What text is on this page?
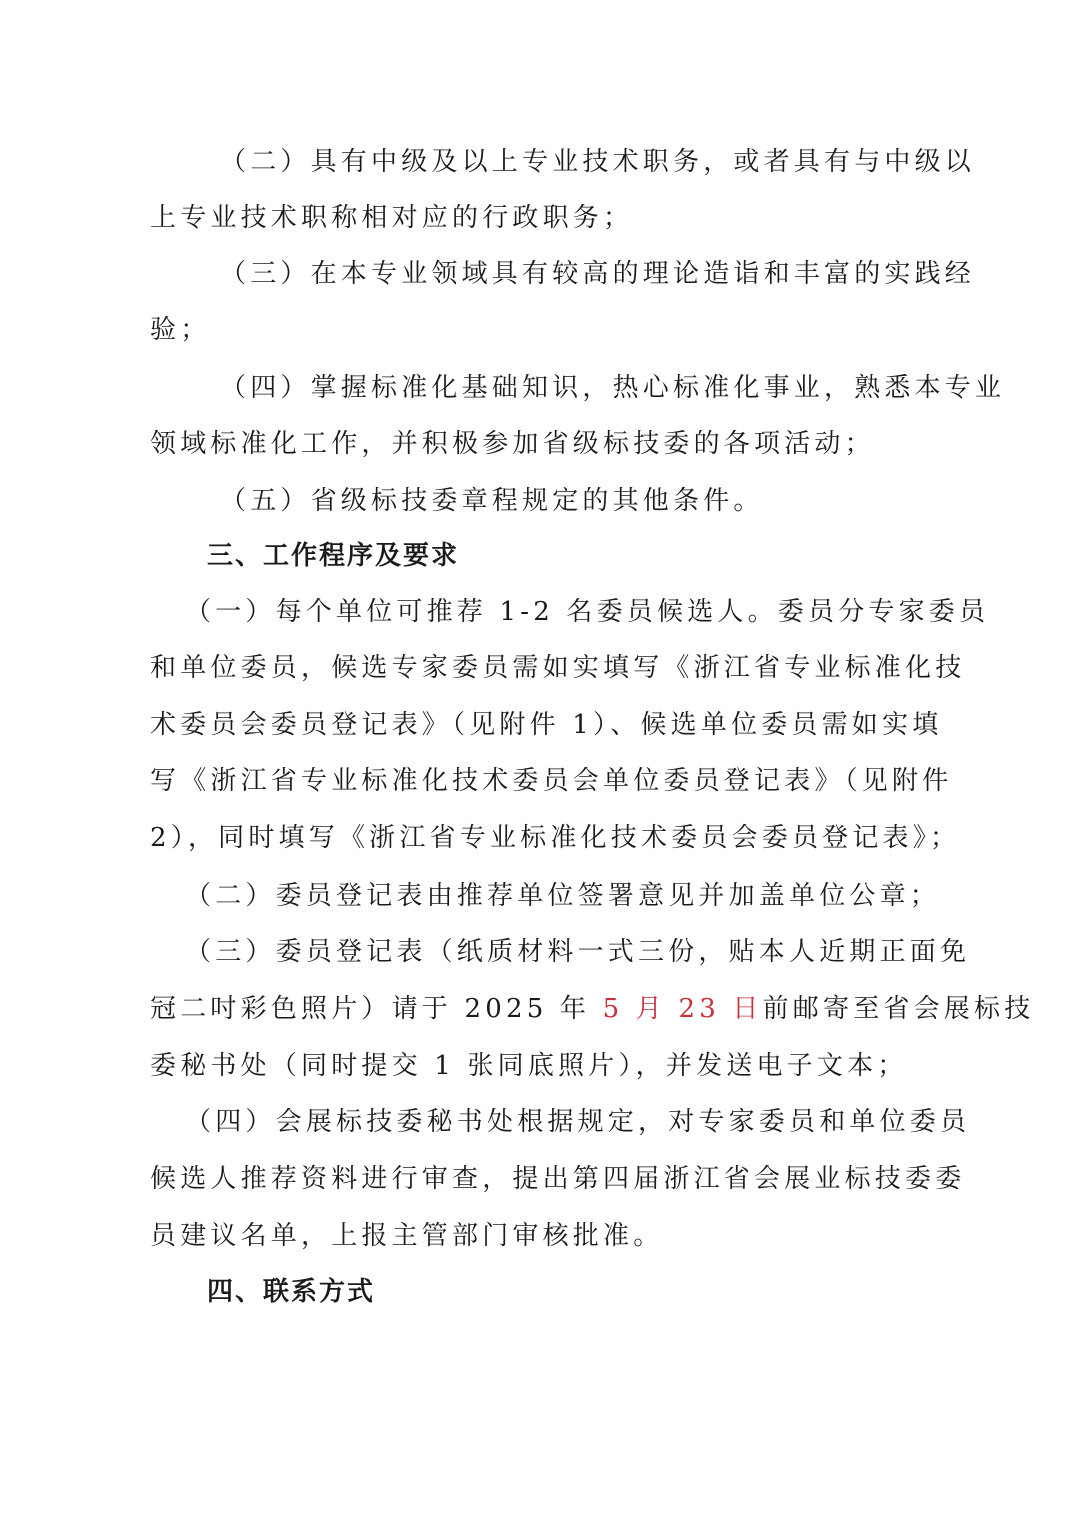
（二）具有中级及以上专业技术职务，或者具有与中级以
上专业技术职称相对应的行政职务；
（三）在本专业领域具有较高的理论造诣和丰富的实践经
验；
（四）掌握标准化基础知识，热心标准化事业，熟悉本专业
领域标准化工作，并积极参加省级标技委的各项活动；
（五）省级标技委章程规定的其他条件。
三、工作程序及要求
（一）每个单位可推荐 1-2 名委员候选人。委员分专家委员
和单位委员，候选专家委员需如实填写《浙江省专业标准化技
术委员会委员登记表》（见附件 1）、候选单位委员需如实填
写《浙江省专业标准化技术委员会单位委员登记表》（见附件
2），同时填写《浙江省专业标准化技术委员会委员登记表》；
（二）委员登记表由推荐单位签署意见并加盖单位公章；
（三）委员登记表（纸质材料一式三份，贴本人近期正面免
冠二吋彩色照片）请于 2025 年 5 月 23 日前邮寄至省会展标技
委秘书处（同时提交 1 张同底照片），并发送电子文本；
（四）会展标技委秘书处根据规定，对专家委员和单位委员
候选人推荐资料进行审查，提出第四届浙江省会展业标技委委
员建议名单，上报主管部门审核批准。
四、联系方式
